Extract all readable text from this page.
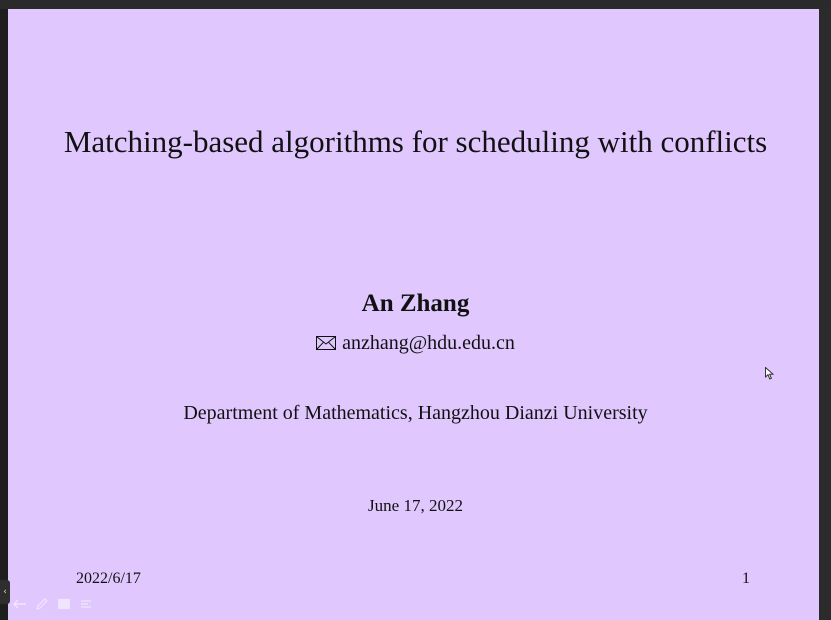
Matching-based algorithms for scheduling with conflicts
An Zhang
anzhang@hdu.edu.cn
Department of Mathematics, Hangzhou Dianzi University
June 17, 2022
2022/6/17	1
‹
